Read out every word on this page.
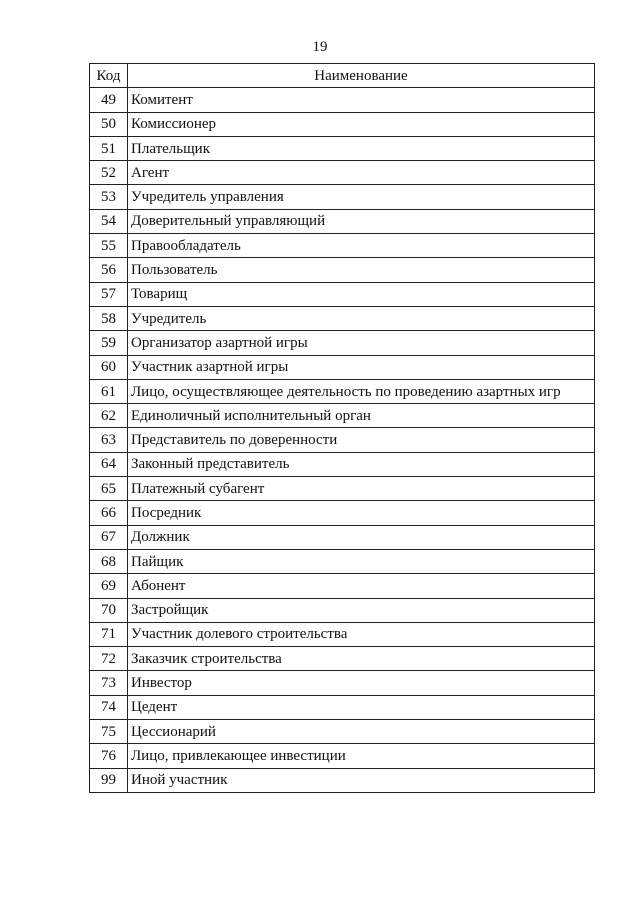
19
Код	Наименование
49	Комитент
50	Комиссионер
51	Плательщик
52	Агент
53	Учредитель управления
54	Доверительный управляющий
55	Правообладатель
56	Пользователь
57	Товарищ
58	Учредитель
59	Организатор азартной игры
60	Участник азартной игры
61	Лицо, осуществляющее деятельность по проведению азартных игр
62	Единоличный исполнительный орган
63	Представитель по доверенности
64	Законный представитель
65	Платежный субагент
66	Посредник
67	Должник
68	Пайщик
69	Абонент
70	Застройщик
71	Участник долевого строительства
72	Заказчик строительства
73	Инвестор
74	Цедент
75	Цессионарий
76	Лицо, привлекающее инвестиции
99	Иной участник
